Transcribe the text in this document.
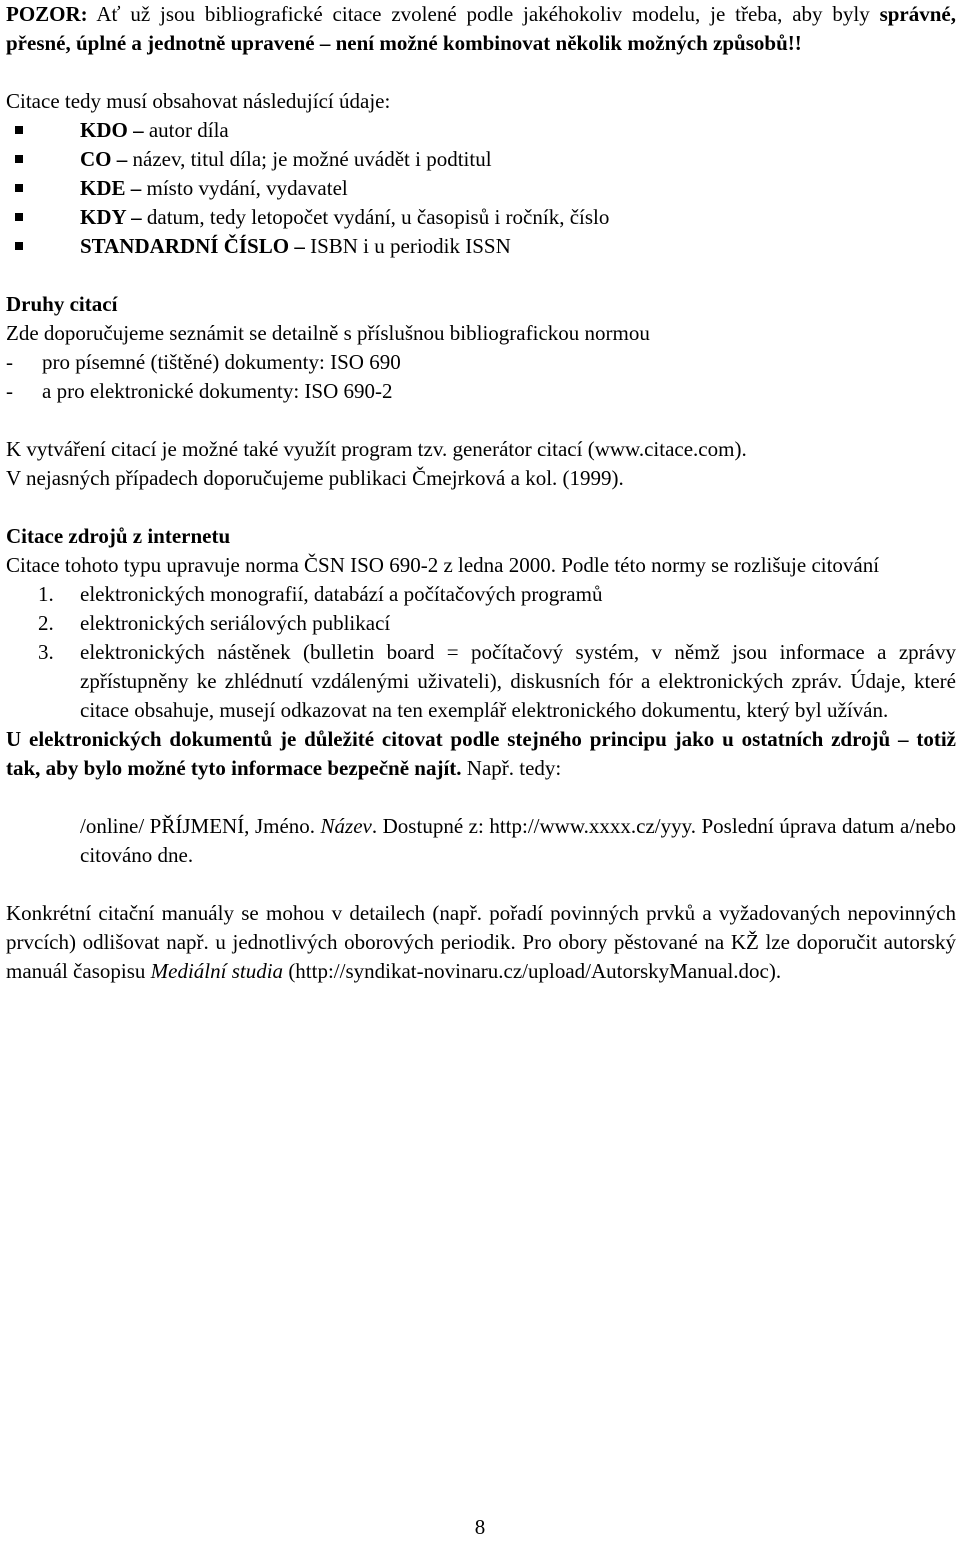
POZOR: Ať už jsou bibliografické citace zvolené podle jakéhokoliv modelu, je třeba, aby byly správné, přesné, úplné a jednotně upravené – není možné kombinovat několik možných způsobů!!

Citace tedy musí obsahovat následující údaje:

KDO – autor díla
CO – název, titul díla; je možné uvádět i podtitul
KDE – místo vydání, vydavatel
KDY – datum, tedy letopočet vydání, u časopisů i ročník, číslo
STANDARDNÍ ČÍSLO – ISBN i u periodik ISSN

Druhy citací

Zde doporučujeme seznámit se detailně s příslušnou bibliografickou normou

- pro písemné (tištěné) dokumenty: ISO 690

- a pro elektronické dokumenty: ISO 690-2

K vytváření citací je možné také využít program tzv. generátor citací (www.citace.com).

V nejasných případech doporučujeme publikaci Čmejrková a kol. (1999).

Citace zdrojů z internetu

Citace tohoto typu upravuje norma ČSN ISO 690-2 z ledna 2000. Podle této normy se rozlišuje citování

1. elektronických monografií, databází a počítačových programů
2. elektronických seriálových publikací
3. elektronických nástěnek (bulletin board = počítačový systém, v němž jsou informace a zprávy zpřístupněny ke zhlédnutí vzdálenými uživateli), diskusních fór a elektronických zpráv. Údaje, které citace obsahuje, musejí odkazovat na ten exemplář elektronického dokumentu, který byl užíván.

U elektronických dokumentů je důležité citovat podle stejného principu jako u ostatních zdrojů – totiž tak, aby bylo možné tyto informace bezpečně najít. Např. tedy:

/online/ PŘÍJMENÍ, Jméno. Název. Dostupné z: http://www.xxxx.cz/yyy. Poslední úprava datum a/nebo citováno dne.

Konkrétní citační manuály se mohou v detailech (např. pořadí povinných prvků a vyžadovaných nepovinných prvcích) odlišovat např. u jednotlivých oborových periodik. Pro obory pěstované na KŽ lze doporučit autorský manuál časopisu Mediální studia (http://syndikat-novinaru.cz/upload/AutorskyManual.doc).

8
